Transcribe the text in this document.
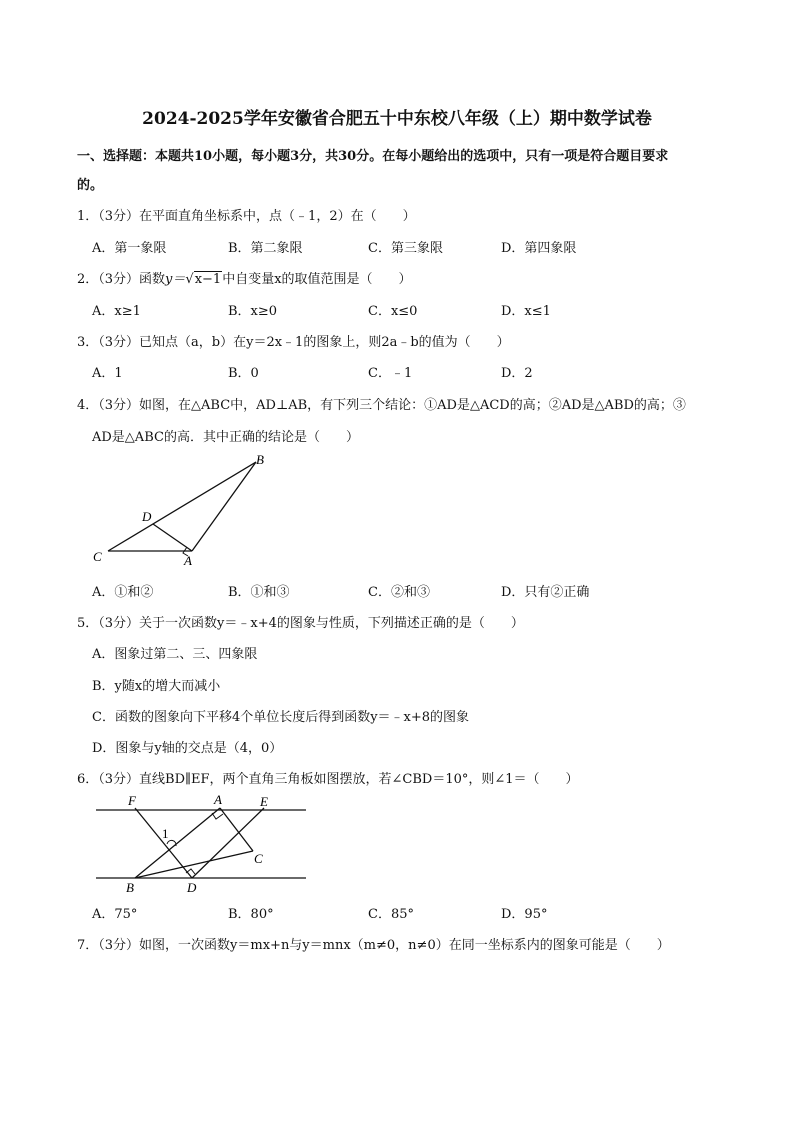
2024-2025学年安徽省合肥五十中东校八年级（上）期中数学试卷
一、选择题：本题共10小题，每小题3分，共30分。在每小题给出的选项中，只有一项是符合题目要求
的。
1．（3分）在平面直角坐标系中，点（﹣1，2）在（　　）
A．第一象限	B．第二象限	C．第三象限	D．第四象限
2．（3分）函数y＝√x−1中自变量x的取值范围是（　　）
A．x≥1	B．x≥0	C．x≤0	D．x≤1
3．（3分）已知点（a，b）在y＝2x﹣1的图象上，则2a﹣b的值为（　　）
A．1	B．0	C．﹣1	D．2
4．（3分）如图，在△ABC中，AD⊥AB，有下列三个结论：①AD是△ACD的高；②AD是△ABD的高；③
AD是△ABC的高．其中正确的结论是（　　）
B
D
C	A
A．①和②	B．①和③	C．②和③	D．只有②正确
5．（3分）关于一次函数y＝﹣x+4的图象与性质，下列描述正确的是（　　）
A．图象过第二、三、四象限
B．y随x的增大而减小
C．函数的图象向下平移4个单位长度后得到函数y＝﹣x+8的图象
D．图象与y轴的交点是（4，0）
6．（3分）直线BD∥EF，两个直角三角板如图摆放，若∠CBD＝10°，则∠1＝（　　）
F	A	E
1
C
B	D
A．75°	B．80°	C．85°	D．95°
7．（3分）如图，一次函数y＝mx+n与y＝mnx（m≠0，n≠0）在同一坐标系内的图象可能是（　　）
